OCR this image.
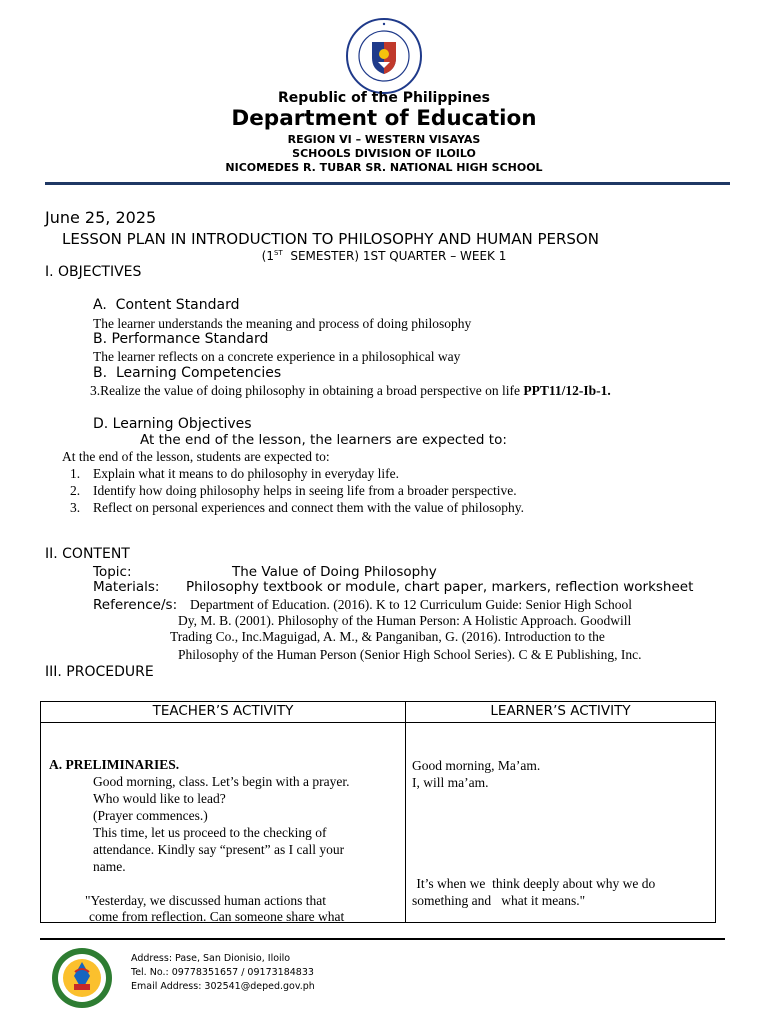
Republic of the Philippines
Department of Education
REGION VI – WESTERN VISAYAS
SCHOOLS DIVISION OF ILOILO
NICOMEDES R. TUBAR SR. NATIONAL HIGH SCHOOL
June 25, 2025
LESSON PLAN IN INTRODUCTION TO PHILOSOPHY AND HUMAN PERSON
(1ST  SEMESTER) 1ST QUARTER – WEEK 1
I. OBJECTIVES
A.  Content Standard
The learner understands the meaning and process of doing philosophy
B. Performance Standard
The learner reflects on a concrete experience in a philosophical way
B.  Learning Competencies
3.Realize the value of doing philosophy in obtaining a broad perspective on life PPT11/12-Ib-1.
D. Learning Objectives
At the end of the lesson, the learners are expected to:
At the end of the lesson, students are expected to:
1. Explain what it means to do philosophy in everyday life.
2. Identify how doing philosophy helps in seeing life from a broader perspective.
3. Reflect on personal experiences and connect them with the value of philosophy.
II. CONTENT
Topic:	The Value of Doing Philosophy
Materials: Philosophy textbook or module, chart paper, markers, reflection worksheet
Reference/s: Department of Education. (2016). K to 12 Curriculum Guide: Senior High School
Dy, M. B. (2001). Philosophy of the Human Person: A Holistic Approach. Goodwill
Trading Co., Inc.Maguigad, A. M., & Panganiban, G. (2016). Introduction to the
Philosophy of the Human Person (Senior High School Series). C & E Publishing, Inc.
III. PROCEDURE
TEACHER’S ACTIVITY	LEARNER’S ACTIVITY
A. PRELIMINARIES.
Good morning, class. Let’s begin with a prayer.
Who would like to lead?
(Prayer commences.)
This time, let us proceed to the checking of
attendance. Kindly say “present” as I call your
name.
"Yesterday, we discussed human actions that
come from reflection. Can someone share what
Good morning, Ma’am.
I, will ma’am.
It’s when we  think deeply about why we do
something and   what it means."
Address: Pase, San Dionisio, Iloilo
Tel. No.: 09778351657 / 09173184833
Email Address: 302541@deped.gov.ph
